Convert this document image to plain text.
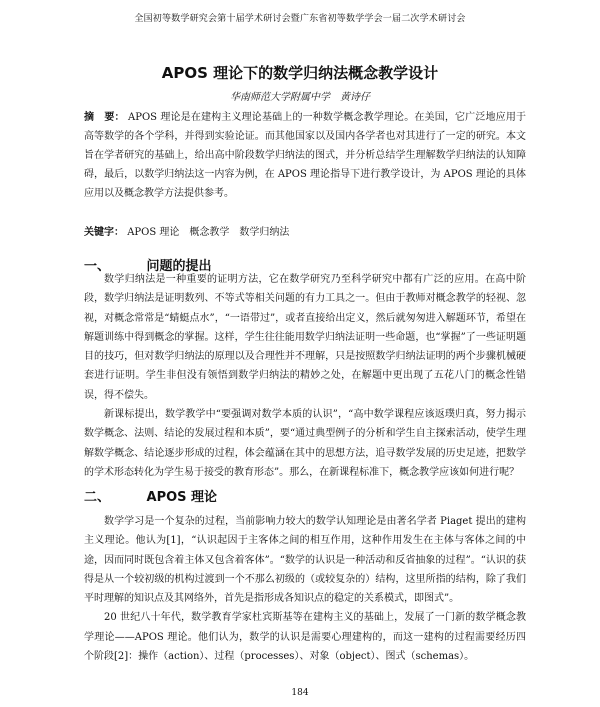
全国初等数学研究会第十届学术研讨会暨广东省初等数学学会一届二次学术研讨会
APOS 理论下的数学归纳法概念教学设计
华南师范大学附属中学　黄诗仔
摘　要： APOS 理论是在建构主义理论基础上的一种数学概念教学理论。在美国，它广泛地应用于高等数学的各个学科，并得到实验论证。而其他国家以及国内各学者也对其进行了一定的研究。本文旨在学者研究的基础上，给出高中阶段数学归纳法的图式，并分析总结学生理解数学归纳法的认知障碍，最后，以数学归纳法这一内容为例，在 APOS 理论指导下进行教学设计，为 APOS 理论的具体应用以及概念教学方法提供参考。
关键字： APOS 理论　概念教学　数学归纳法
一、	问题的提出

数学归纳法是一种重要的证明方法，它在数学研究乃至科学研究中都有广泛的应用。在高中阶段，数学归纳法是证明数列、不等式等相关问题的有力工具之一。但由于教师对概念教学的轻视、忽视，对概念常常是“蜻蜓点水”，“一语带过”，或者直接给出定义，然后就匆匆进入解题环节，希望在解题训练中得到概念的掌握。这样，学生往往能用数学归纳法证明一些命题，也“掌握”了一些证明题目的技巧，但对数学归纳法的原理以及合理性并不理解，只是按照数学归纳法证明的两个步骤机械硬套进行证明。学生非但没有领悟到数学归纳法的精妙之处，在解题中更出现了五花八门的概念性错误，得不偿失。

新课标提出，数学教学中“要强调对数学本质的认识”，“高中数学课程应该返璞归真，努力揭示数学概念、法则、结论的发展过程和本质”，要“通过典型例子的分析和学生自主探索活动，使学生理解数学概念、结论逐步形成的过程，体会蕴涵在其中的思想方法，追寻数学发展的历史足迹，把数学的学术形态转化为学生易于接受的教育形态”。那么，在新课程标准下，概念教学应该如何进行呢？

二、	APOS 理论

数学学习是一个复杂的过程，当前影响力较大的数学认知理论是由著名学者 Piaget 提出的建构主义理论。他认为[1]，“认识起因于主客体之间的相互作用，这种作用发生在主体与客体之间的中途，因而同时既包含着主体又包含着客体”。“数学的认识是一种活动和反省抽象的过程”。“认识的获得是从一个较初级的机构过渡到一个不那么初级的（或较复杂的）结构，这里所指的结构，除了我们平时理解的知识点及其网络外，首先是指形成各知识点的稳定的关系模式，即图式”。

20 世纪八十年代，数学教育学家杜宾斯基等在建构主义的基础上，发展了一门新的数学概念教学理论——APOS 理论。他们认为，数学的认识是需要心理建构的，而这一建构的过程需要经历四个阶段[2]：操作（action）、过程（processes）、对象（object）、图式（schemas）。

184
